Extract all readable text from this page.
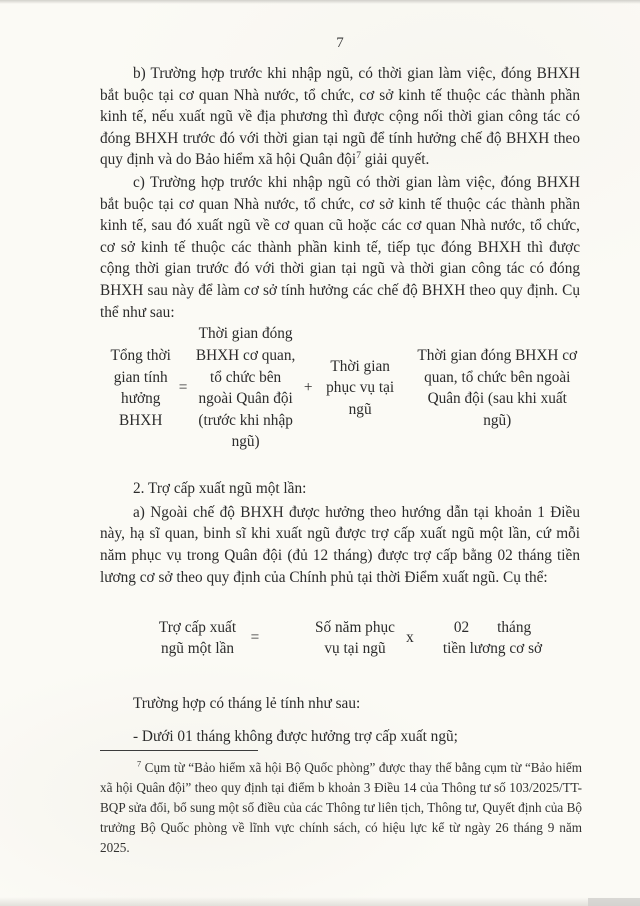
7

b) Trường hợp trước khi nhập ngũ, có thời gian làm việc, đóng BHXH bắt buộc tại cơ quan Nhà nước, tổ chức, cơ sở kinh tế thuộc các thành phần kinh tế, nếu xuất ngũ về địa phương thì được cộng nối thời gian công tác có đóng BHXH trước đó với thời gian tại ngũ để tính hưởng chế độ BHXH theo quy định và do Bảo hiểm xã hội Quân đội$^7$ giải quyết.

c) Trường hợp trước khi nhập ngũ có thời gian làm việc, đóng BHXH bắt buộc tại cơ quan Nhà nước, tổ chức, cơ sở kinh tế thuộc các thành phần kinh tế, sau đó xuất ngũ về cơ quan cũ hoặc các cơ quan Nhà nước, tổ chức, cơ sở kinh tế thuộc các thành phần kinh tế, tiếp tục đóng BHXH thì được cộng thời gian trước đó với thời gian tại ngũ và thời gian công tác có đóng BHXH sau này để làm cơ sở tính hưởng các chế độ BHXH theo quy định. Cụ thể như sau:

Tổng thời gian tính hưởng BHXH
=
Thời gian đóng BHXH cơ quan, tổ chức bên ngoài Quân đội (trước khi nhập ngũ)
+
Thời gian phục vụ tại ngũ
Thời gian đóng BHXH cơ quan, tổ chức bên ngoài Quân đội (sau khi xuất ngũ)

2. Trợ cấp xuất ngũ một lần:

a) Ngoài chế độ BHXH được hưởng theo hướng dẫn tại khoản 1 Điều này, hạ sĩ quan, binh sĩ khi xuất ngũ được trợ cấp xuất ngũ một lần, cứ mỗi năm phục vụ trong Quân đội (đủ 12 tháng) được trợ cấp bằng 02 tháng tiền lương cơ sở theo quy định của Chính phủ tại thời Điểm xuất ngũ. Cụ thể:

Trợ cấp xuất ngũ một lần
=
Số năm phục vụ tại ngũ
x
02 tháng
tiền lương cơ sở

Trường hợp có tháng lẻ tính như sau:

- Dưới 01 tháng không được hưởng trợ cấp xuất ngũ;

$^7$ Cụm từ “Bảo hiểm xã hội Bộ Quốc phòng” được thay thế bằng cụm từ “Bảo hiểm xã hội Quân đội” theo quy định tại điểm b khoản 3 Điều 14 của Thông tư số 103/2025/TT-BQP sửa đổi, bổ sung một số điều của các Thông tư liên tịch, Thông tư, Quyết định của Bộ trưởng Bộ Quốc phòng về lĩnh vực chính sách, có hiệu lực kể từ ngày 26 tháng 9 năm 2025.
